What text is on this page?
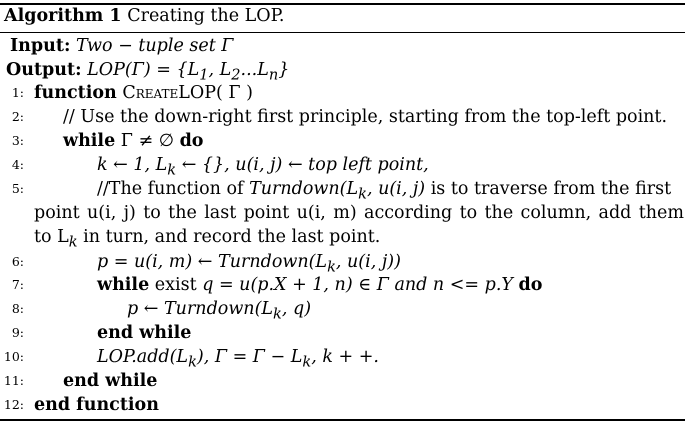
Algorithm 1 Creating the LOP.
Input: Two − tuple set Γ
Output: $LOP(\Gamma) = \{L_1$, $L_2...L_n$}
1: function CreateLOP( Γ )
2: // Use the down-right first principle, starting from the top-left point.
3: while Γ ≠ ∅ do
4:	k ← 1, $L_k$ ← {}, u(i, j) ← top left point,
5:	//The function of $Turndown(L_k$, u(i, j) is to traverse from the first
point u(i, j) to the last point u(i, m) according to the column, add them
to $L_k$ in turn, and record the last point.
6:	p = u(i, m) ← $Turndown(L_k$, u(i, j))
7:	while exist q = u(p.X + 1, n) ∈ Γ and n <= p.Y do
8:	p ← $Turndown(L_k$, q)
9:	end while
10:	$LOP.add(L_k)$, $\Gamma = \Gamma - L_k$, k + +.
11: end while
12: end function
